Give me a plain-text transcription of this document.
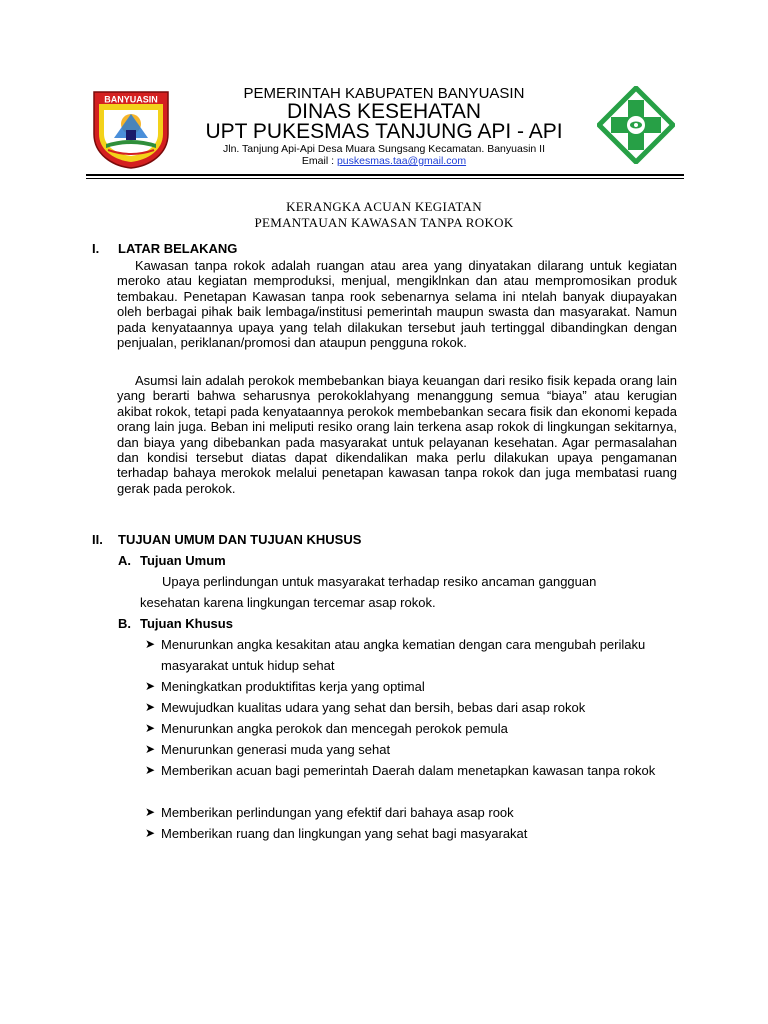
BANYUASIN	PEMERINTAH KABUPATEN BANYUASIN
DINAS KESEHATAN
UPT PUKESMAS TANJUNG API - API
Jln. Tanjung Api-Api Desa Muara Sungsang Kecamatan. Banyuasin II
Email : puskesmas.taa@gmail.com
KERANGKA ACUAN KEGIATAN
PEMANTAUAN KAWASAN TANPA ROKOK
I. LATAR BELAKANG

Kawasan tanpa rokok adalah ruangan atau area yang dinyatakan dilarang untuk kegiatan meroko atau kegiatan memproduksi, menjual, mengiklnkan dan atau mempromosikan produk tembakau. Penetapan Kawasan tanpa rook sebenarnya selama ini ntelah banyak diupayakan oleh berbagai pihak baik lembaga/institusi pemerintah maupun swasta dan masyarakat. Namun pada kenyataannya upaya yang telah dilakukan tersebut jauh tertinggal dibandingkan dengan penjualan, periklanan/promosi dan ataupun pengguna rokok.

Asumsi lain adalah perokok membebankan biaya keuangan dari resiko fisik kepada orang lain yang berarti bahwa seharusnya perokoklahyang menanggung semua “biaya” atau kerugian akibat rokok, tetapi pada kenyataannya perokok membebankan secara fisik dan ekonomi kepada orang lain juga. Beban ini meliputi resiko orang lain terkena asap rokok di lingkungan sekitarnya, dan biaya yang dibebankan pada masyarakat untuk pelayanan kesehatan. Agar permasalahan dan kondisi tersebut diatas dapat dikendalikan maka perlu dilakukan upaya pengamanan terhadap bahaya merokok melalui penetapan kawasan tanpa rokok dan juga membatasi ruang gerak pada perokok.

II. TUJUAN UMUM DAN TUJUAN KHUSUS
A. Tujuan Umum
Upaya perlindungan untuk masyarakat terhadap resiko ancaman gangguan
kesehatan karena lingkungan tercemar asap rokok.
B. Tujuan Khusus
➤ Menurunkan angka kesakitan atau angka kematian dengan cara mengubah perilaku masyarakat untuk hidup sehat
➤ Meningkatkan produktifitas kerja yang optimal
➤ Mewujudkan kualitas udara yang sehat dan bersih, bebas dari asap rokok
➤ Menurunkan angka perokok dan mencegah perokok pemula
➤ Menurunkan generasi muda yang sehat
➤ Memberikan acuan bagi pemerintah Daerah dalam menetapkan kawasan tanpa rokok
➤ Memberikan perlindungan yang efektif dari bahaya asap rook
➤ Memberikan ruang dan lingkungan yang sehat bagi masyarakat
